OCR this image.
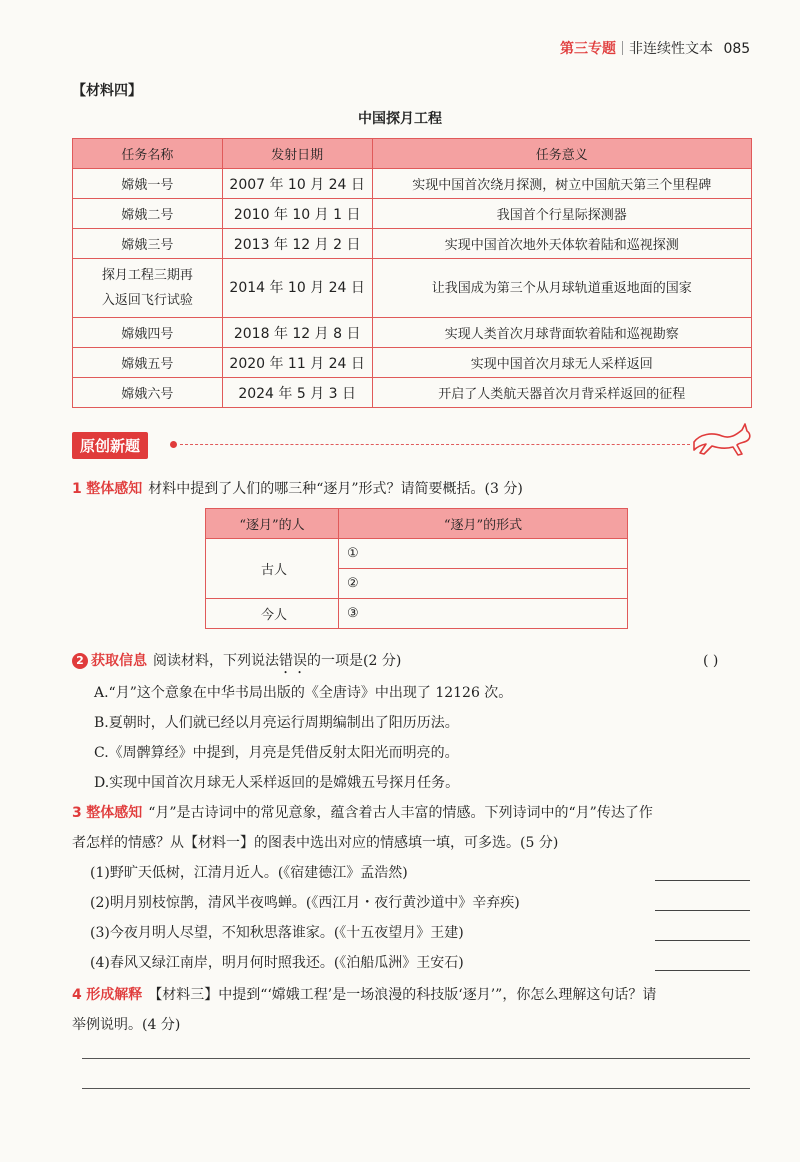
第三专题 非连续性文本 085
【材料四】
中国探月工程
任务名称	发射日期	任务意义
嫦娥一号	2007 年 10 月 24 日	实现中国首次绕月探测，树立中国航天第三个里程碑
嫦娥二号	2010 年 10 月 1 日	我国首个行星际探测器
嫦娥三号	2013 年 12 月 2 日	实现中国首次地外天体软着陆和巡视探测

探月工程三期再
入返回飞行试验	2014 年 10 月 24 日	让我国成为第三个从月球轨道重返地面的国家
嫦娥四号	2018 年 12 月 8 日	实现人类首次月球背面软着陆和巡视勘察
嫦娥五号	2020 年 11 月 24 日	实现中国首次月球无人采样返回
嫦娥六号	2024 年 5 月 3 日	开启了人类航天器首次月背采样返回的征程
原创新题
1 整体感知 材料中提到了人们的哪三种“逐月”形式？请简要概括。(3 分)
“逐月”的人	“逐月”的形式
古人	①
	②
今人	③
2 获取信息 阅读材料，下列说法错误的一项是(2 分)	( )
A.“月”这个意象在中华书局出版的《全唐诗》中出现了 12126 次。
B.夏朝时，人们就已经以月亮运行周期编制出了阳历历法。
C.《周髀算经》中提到，月亮是凭借反射太阳光而明亮的。
D.实现中国首次月球无人采样返回的是嫦娥五号探月任务。
3 整体感知 “月”是古诗词中的常见意象，蕴含着古人丰富的情感。下列诗词中的“月”传达了作
者怎样的情感？从【材料一】的图表中选出对应的情感填一填，可多选。(5 分)
(1)野旷天低树，江清月近人。(《宿建德江》孟浩然)
(2)明月别枝惊鹊，清风半夜鸣蝉。(《西江月・夜行黄沙道中》辛弃疾)
(3)今夜月明人尽望，不知秋思落谁家。(《十五夜望月》王建)
(4)春风又绿江南岸，明月何时照我还。(《泊船瓜洲》王安石)
4 形成解释 【材料三】中提到“‘嫦娥工程’是一场浪漫的科技版‘逐月’”，你怎么理解这句话？请
举例说明。(4 分)
